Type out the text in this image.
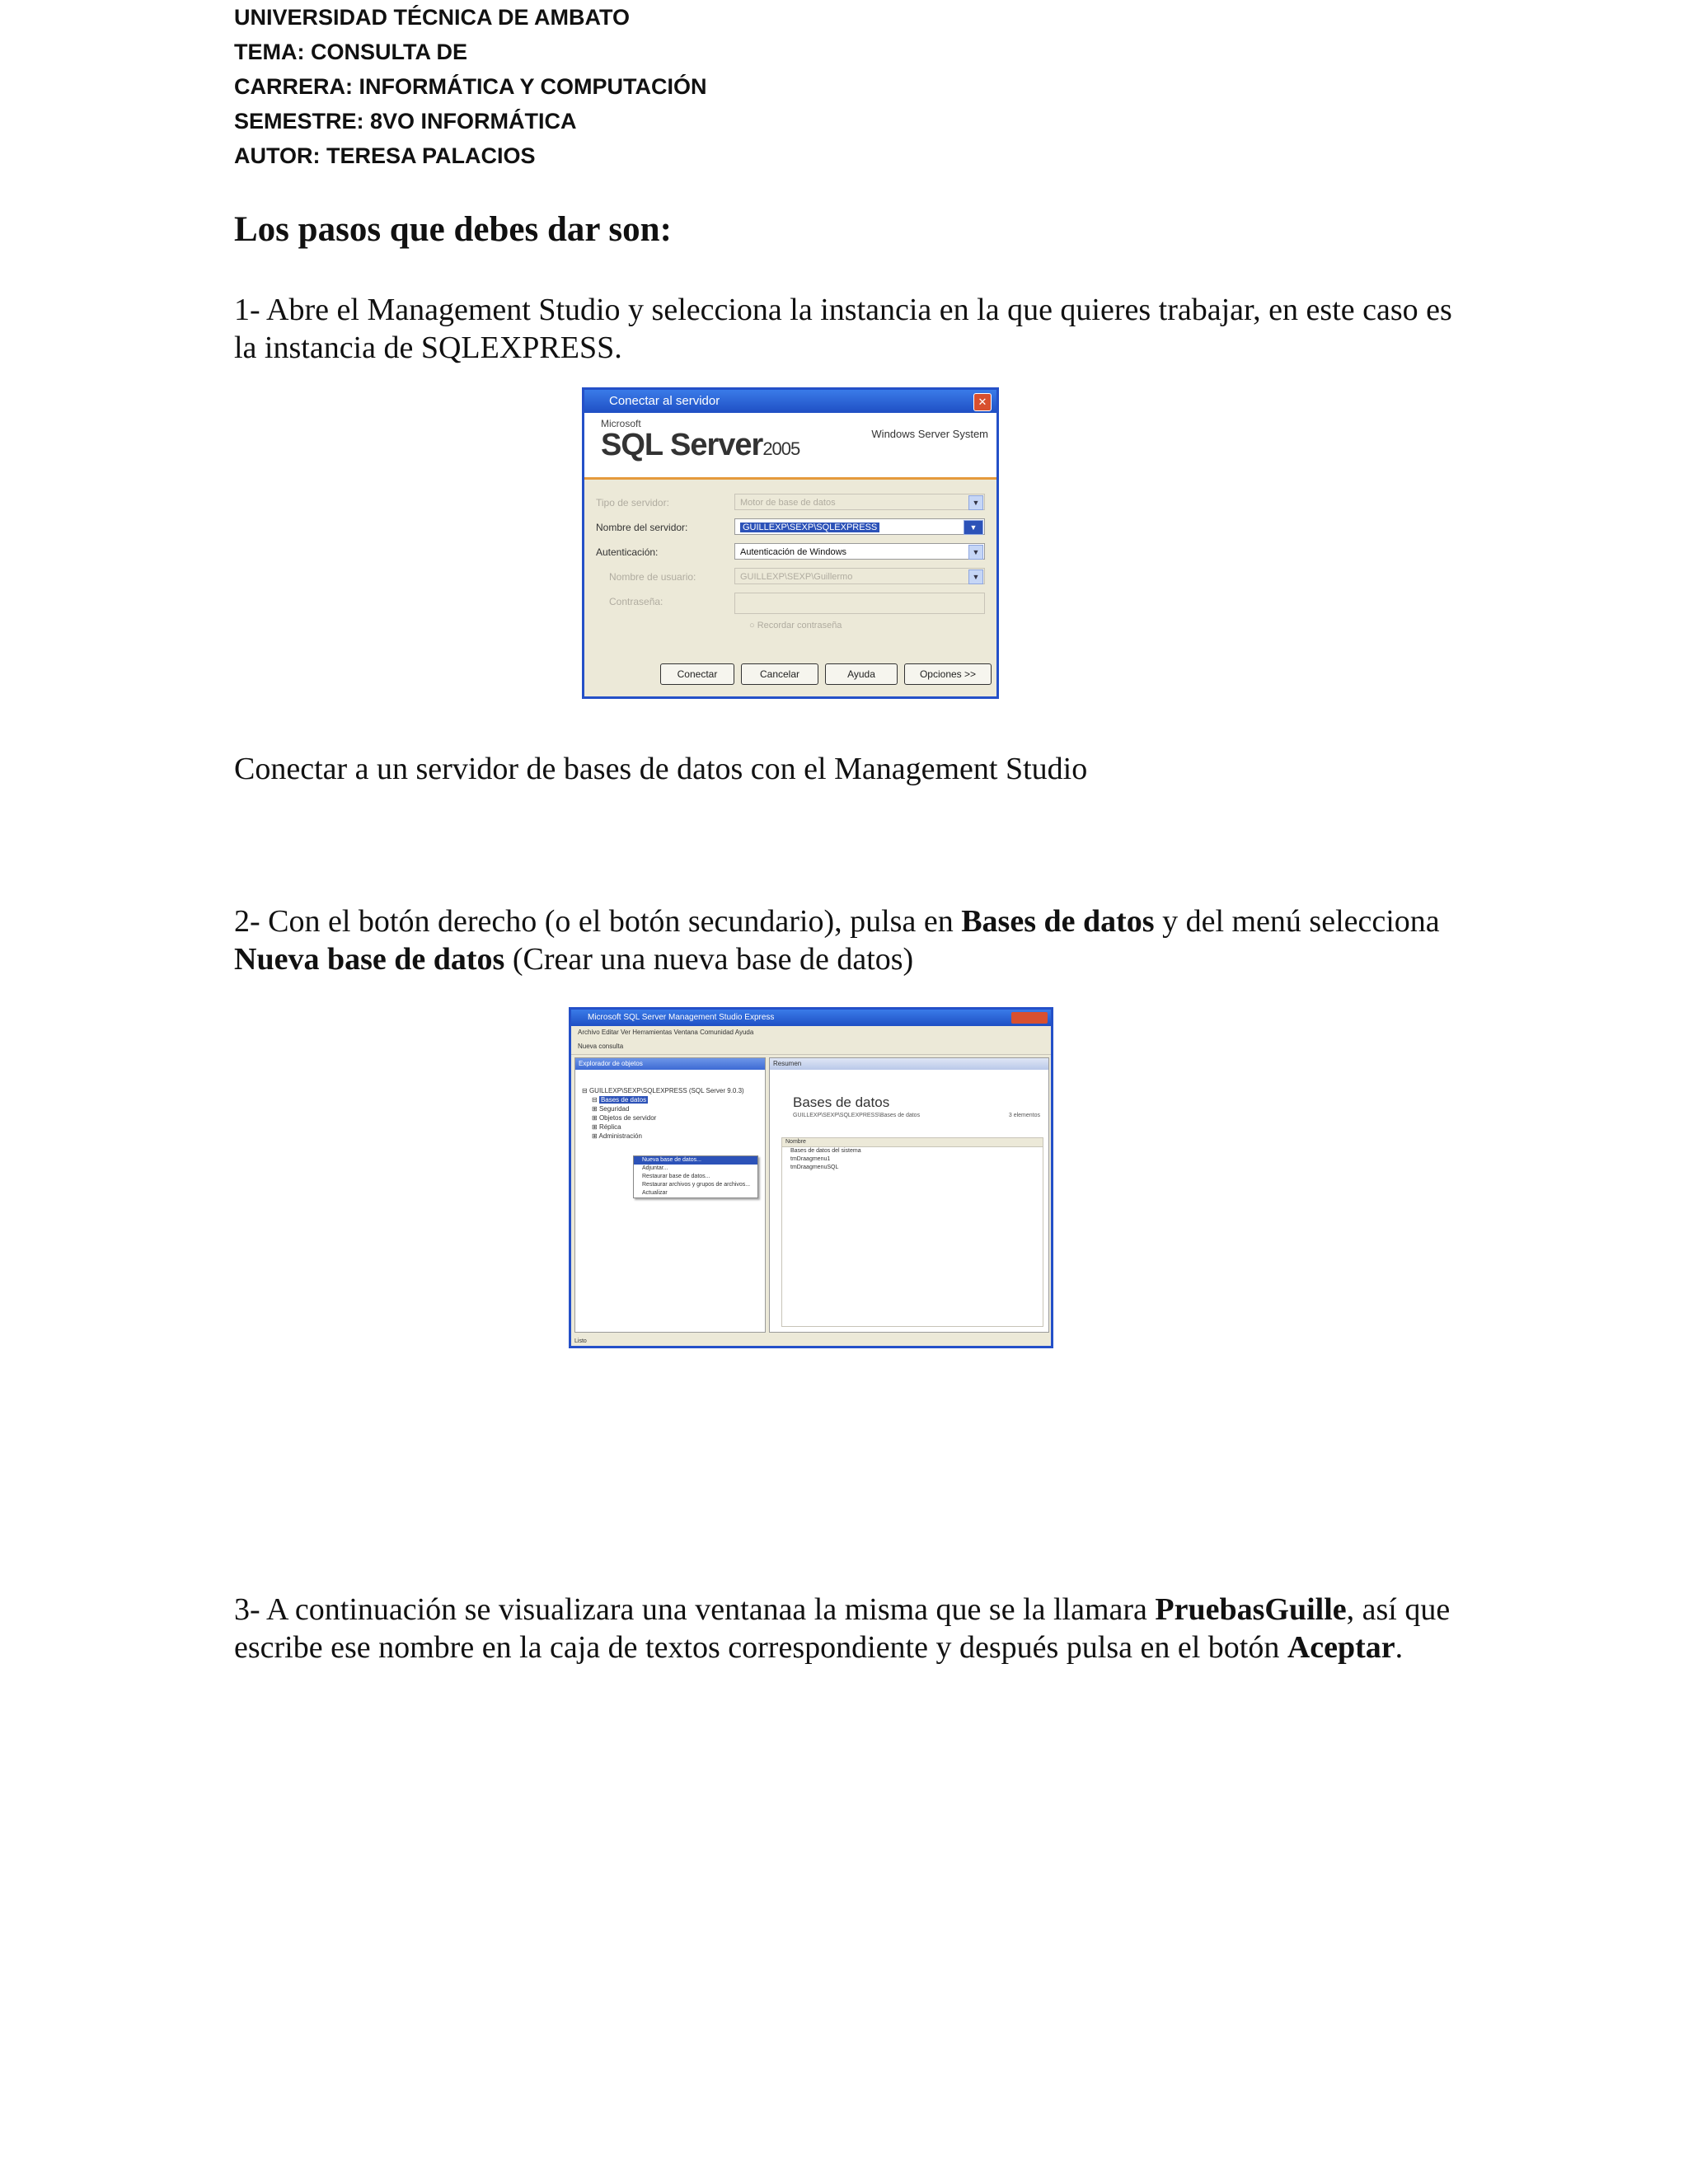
UNIVERSIDAD TÉCNICA DE AMBATO
TEMA: CONSULTA DE
CARRERA: INFORMÁTICA Y COMPUTACIÓN
SEMESTRE: 8VO INFORMÁTICA
AUTOR: TERESA PALACIOS
Los pasos que debes dar son:
1- Abre el Management Studio y selecciona la instancia en la que quieres trabajar, en este caso es la instancia de SQLEXPRESS.
Conectar al servidor	✕
Microsoft
SQL Server2005
Windows Server System
Tipo de servidor:	Motor de base de datos	▼
Nombre del servidor:	GUILLEXP\SEXP\SQLEXPRESS	▼
Autenticación:	Autenticación de Windows	▼
Nombre de usuario:	GUILLEXP\SEXP\Guillermo	▼
Contraseña:
○ Recordar contraseña
Conectar	Cancelar	Ayuda	Opciones >>
Conectar a un servidor de bases de datos con el Management Studio
2- Con el botón derecho (o el botón secundario), pulsa en Bases de datos y del menú selecciona Nueva base de datos (Crear una nueva base de datos)
Microsoft SQL Server Management Studio Express
Archivo Editar Ver Herramientas Ventana Comunidad Ayuda
Nueva consulta
Explorador de objetos
⊟ GUILLEXP\SEXP\SQLEXPRESS (SQL Server 9.0.3)
⊟ Bases de datos
⊞ Seguridad
⊞ Objetos de servidor
⊞ Réplica
⊞ Administración
Nueva base de datos...
Adjuntar...
Restaurar base de datos...
Restaurar archivos y grupos de archivos...
Actualizar
Resumen
Bases de datos
GUILLEXP\SEXP\SQLEXPRESS\Bases de datos	3 elementos
Nombre
Bases de datos del sistema
tmDraagmenu1
tmDraagmenuSQL
Listo
3- A continuación se visualizara una ventanaa la misma que se la llamara PruebasGuille, así que escribe ese nombre en la caja de textos correspondiente y después pulsa en el botón Aceptar.
